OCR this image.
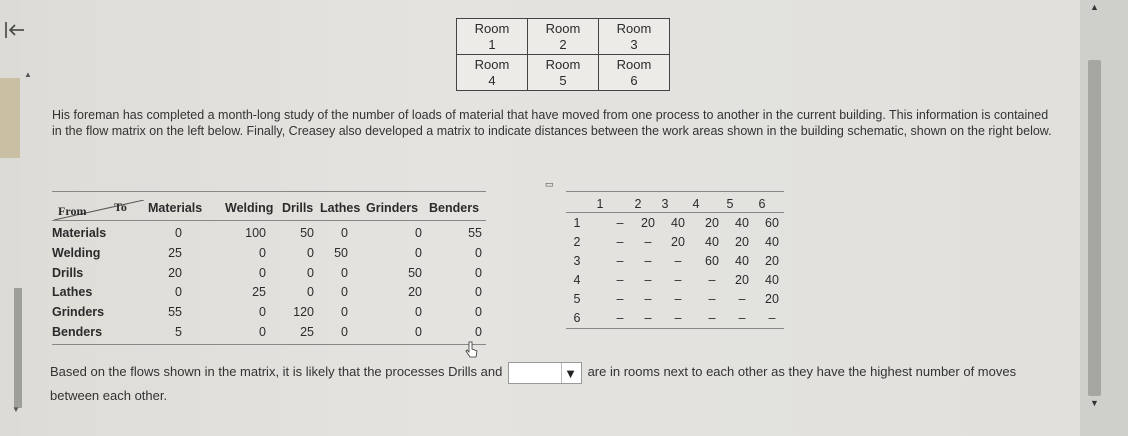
▲
▼
Room
1	Room
2	Room
3
Room
4	Room
5	Room
6
His foreman has completed a month-long study of the number of loads of material that have moved from one process to another in the current building. This information is contained in the flow matrix on the left below. Finally, Creasey also developed a matrix to indicate distances between the work areas shown in the building schematic, shown on the right below.
From To Materials Welding Drills Lathes Grinders Benders
Materials	0	100	50	0	0	55
Welding	25	0	0	50	0	0
Drills	20	0	0	0	50	0
Lathes	0	25	0	0	20	0
Grinders	55	0	120	0	0	0
Benders	5	0	25	0	0	0
▭
1	2	3	4	5	6
1	–	20	40	20	40	60
2	–	–	20	40	20	40
3	–	–	–	60	40	20
4	–	–	–	–	20	40
5	–	–	–	–	–	20
6	–	–	–	–	–	–
Based on the flows shown in the matrix, it is likely that the processes Drills and	▼ are in rooms next to each other as they have the highest number of moves between each other.
▲
▼
